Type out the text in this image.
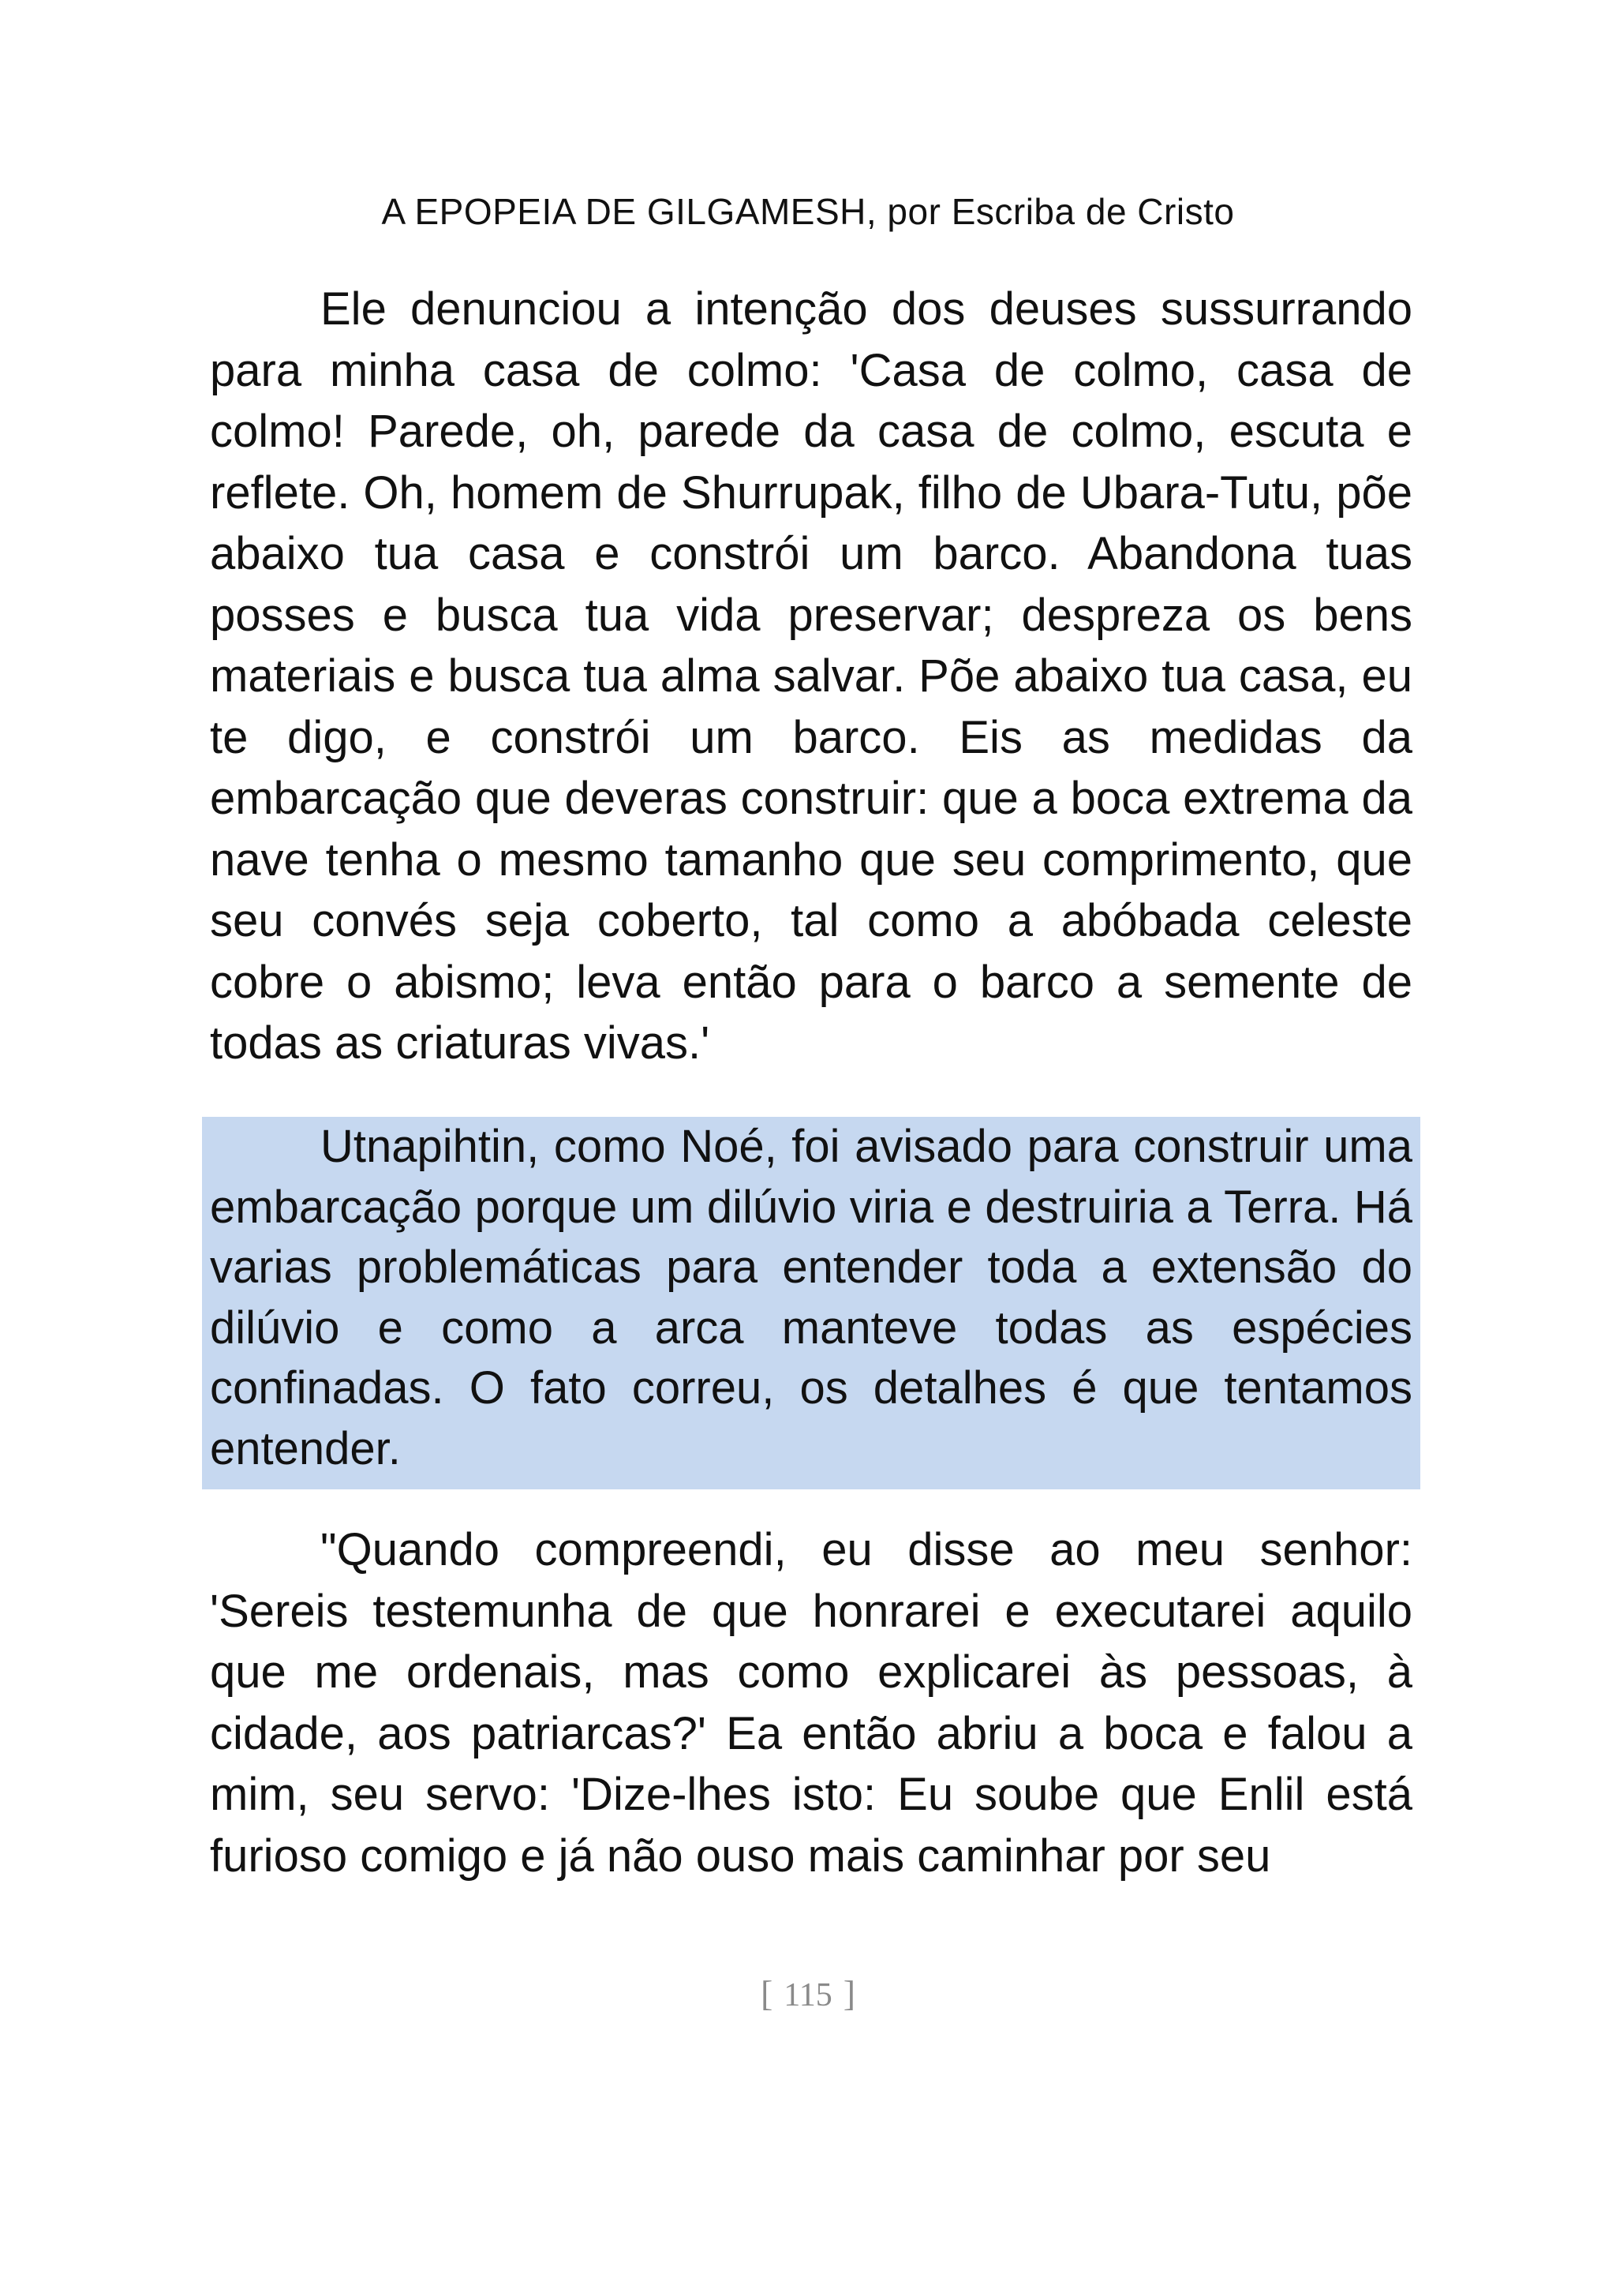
A EPOPEIA DE GILGAMESH, por Escriba de Cristo

Ele denunciou a intenção dos deuses sussurrando para minha casa de colmo: 'Casa de colmo, casa de colmo! Parede, oh, parede da casa de colmo, escuta e reflete. Oh, homem de Shurrupak, filho de Ubara-Tutu, põe abaixo tua casa e constrói um barco. Abandona tuas posses e busca tua vida preservar; despreza os bens materiais e busca tua alma salvar. Põe abaixo tua casa, eu te digo, e constrói um barco. Eis as medidas da embarcação que deveras construir: que a boca extrema da nave tenha o mesmo tamanho que seu comprimento, que seu convés seja coberto, tal como a abóbada celeste cobre o abismo; leva então para o barco a semente de todas as criaturas vivas.'

Utnapihtin, como Noé, foi avisado para construir uma embarcação porque um dilúvio viria e destruiria a Terra. Há varias problemáticas para entender toda a extensão do dilúvio e como a arca manteve todas as espécies confinadas. O fato correu, os detalhes é que tentamos entender.

"Quando compreendi, eu disse ao meu senhor: 'Sereis testemunha de que honrarei e executarei aquilo que me ordenais, mas como explicarei às pessoas, à cidade, aos patriarcas?' Ea então abriu a boca e falou a mim, seu servo: 'Dize-lhes isto: Eu soube que Enlil está furioso comigo e já não ouso mais caminhar por seu

[ 115 ]
